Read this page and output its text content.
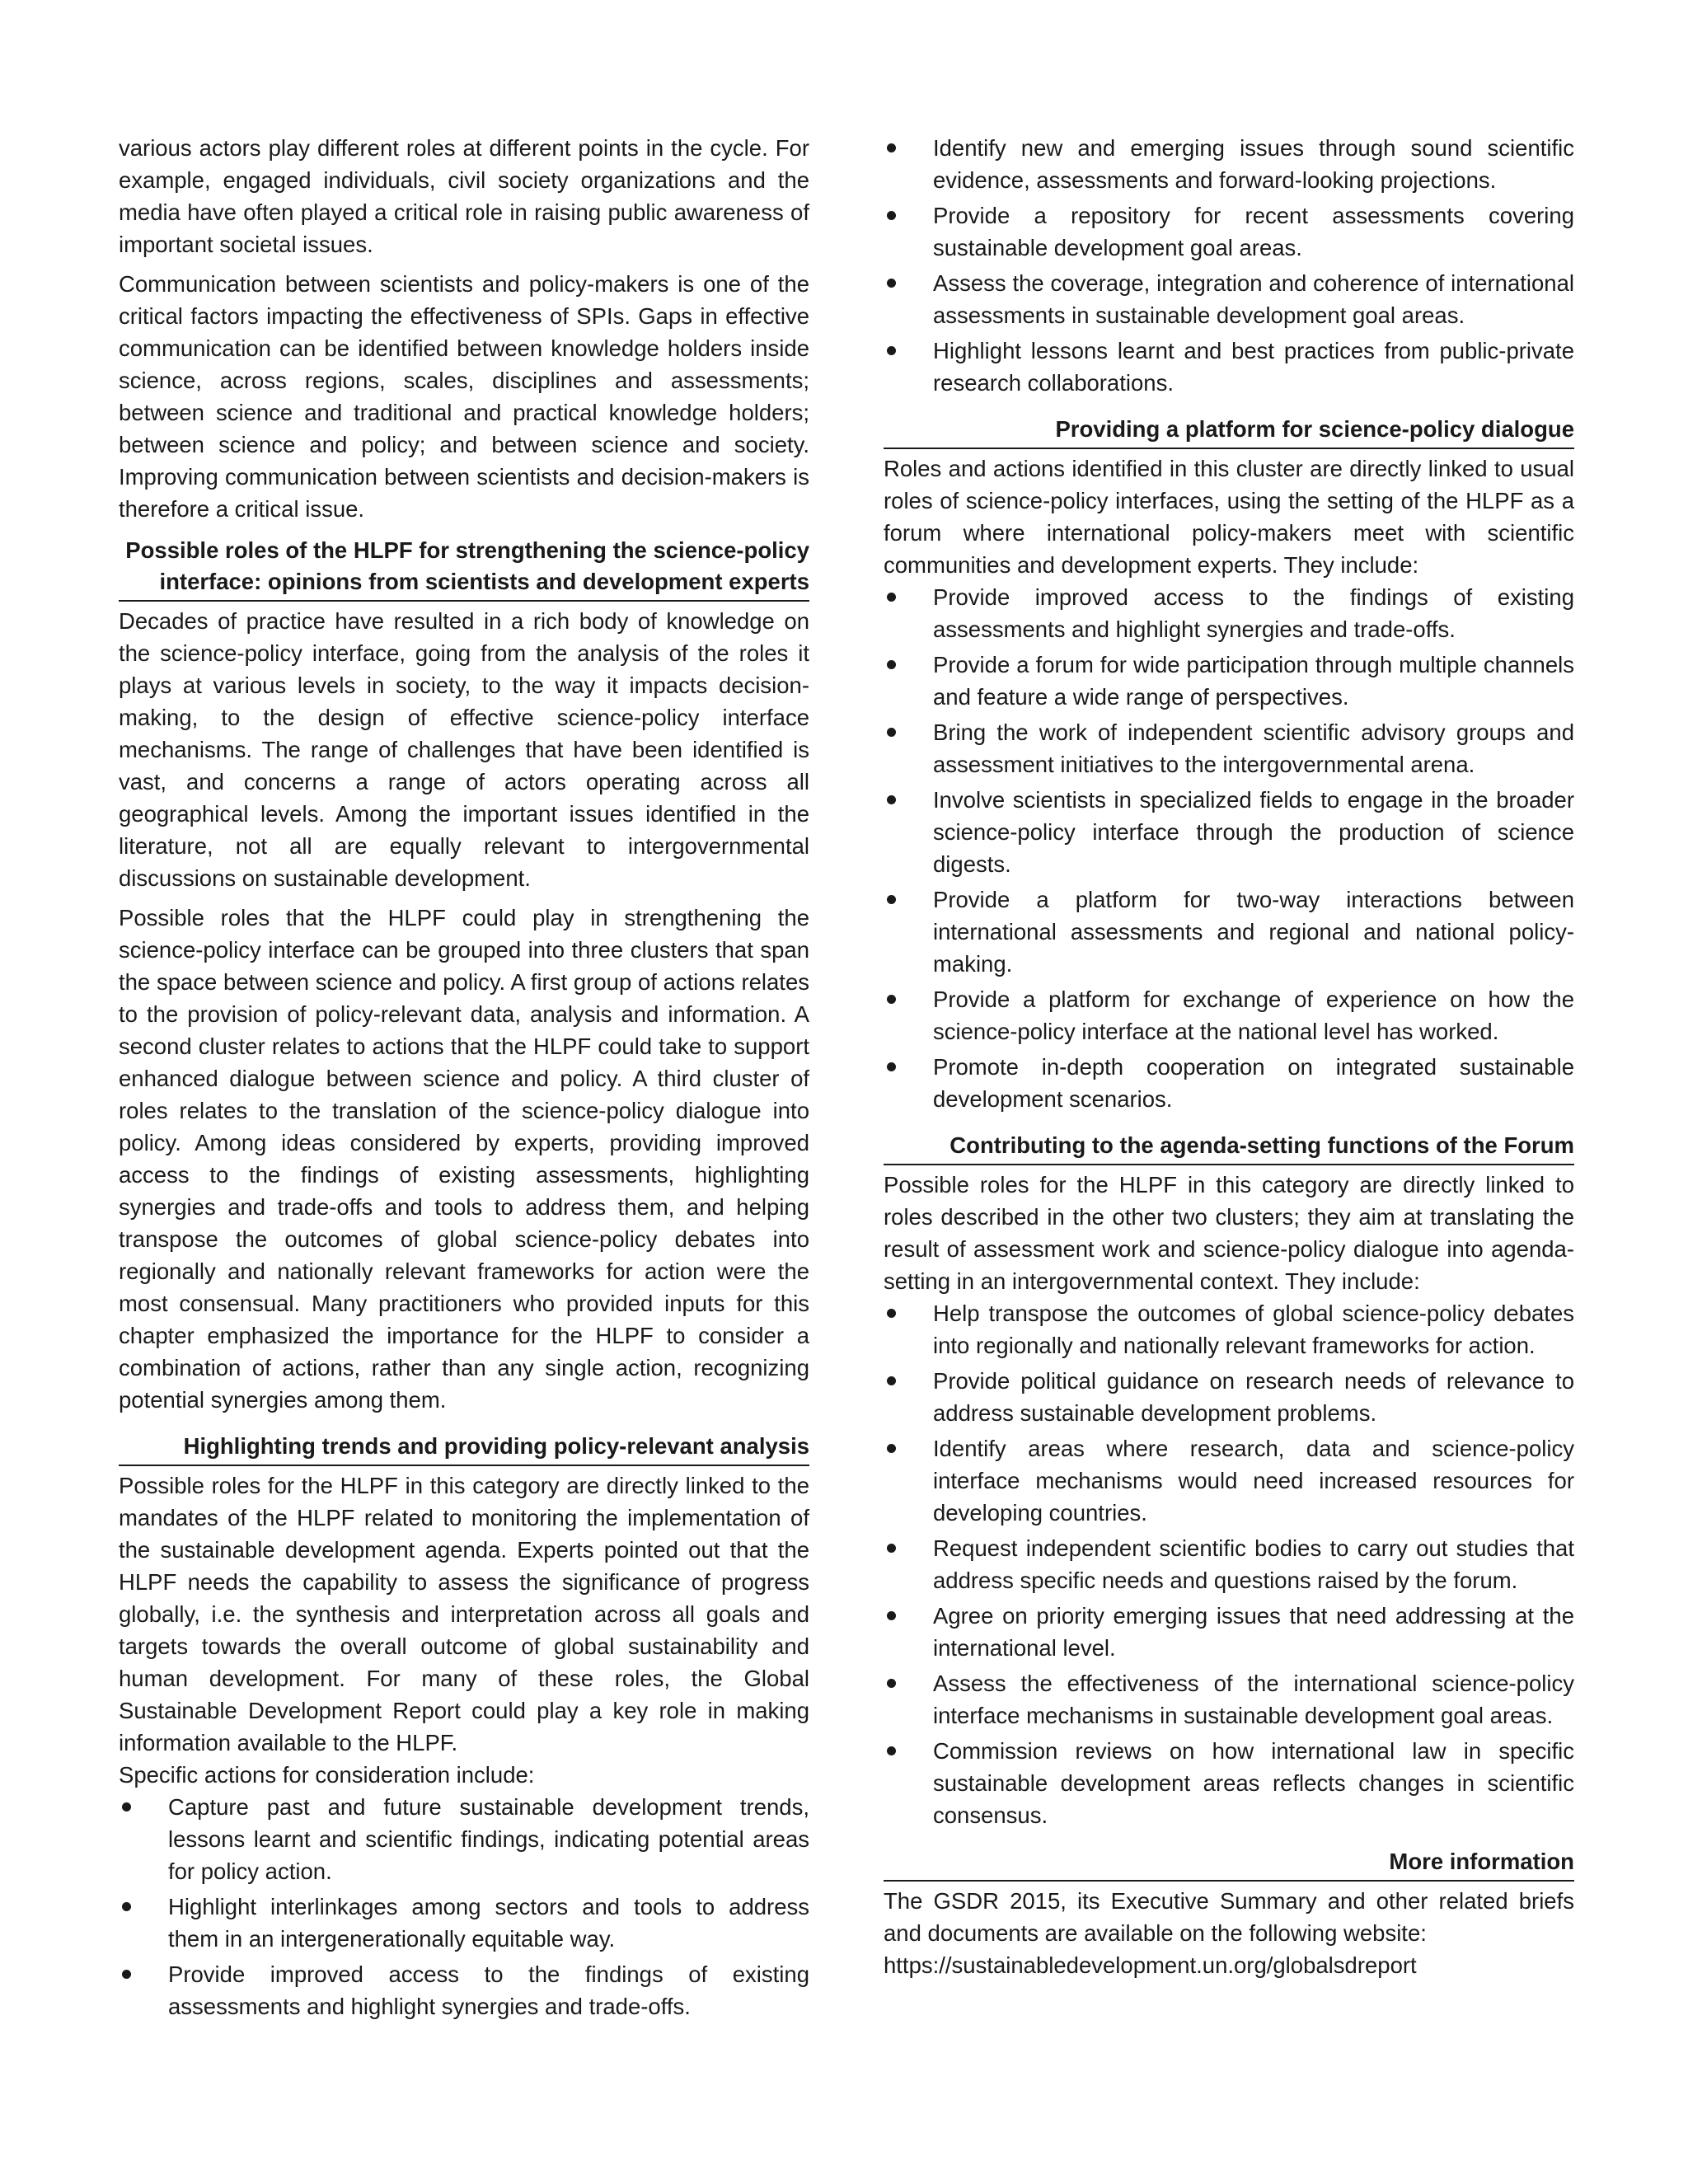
various actors play different roles at different points in the cycle. For example, engaged individuals, civil society organizations and the media have often played a critical role in raising public awareness of important societal issues.

Communication between scientists and policy-makers is one of the critical factors impacting the effectiveness of SPIs. Gaps in effective communication can be identified between knowledge holders inside science, across regions, scales, disciplines and assessments; between science and traditional and practical knowledge holders; between science and policy; and between science and society. Improving communication between scientists and decision-makers is therefore a critical issue.

Possible roles of the HLPF for strengthening the science-policy
interface: opinions from scientists and development experts

Decades of practice have resulted in a rich body of knowledge on the science-policy interface, going from the analysis of the roles it plays at various levels in society, to the way it impacts decision-making, to the design of effective science-policy interface mechanisms. The range of challenges that have been identified is vast, and concerns a range of actors operating across all geographical levels. Among the important issues identified in the literature, not all are equally relevant to intergovernmental discussions on sustainable development.

Possible roles that the HLPF could play in strengthening the science-policy interface can be grouped into three clusters that span the space between science and policy. A first group of actions relates to the provision of policy-relevant data, analysis and information. A second cluster relates to actions that the HLPF could take to support enhanced dialogue between science and policy. A third cluster of roles relates to the translation of the science-policy dialogue into policy. Among ideas considered by experts, providing improved access to the findings of existing assessments, highlighting synergies and trade-offs and tools to address them, and helping transpose the outcomes of global science-policy debates into regionally and nationally relevant frameworks for action were the most consensual. Many practitioners who provided inputs for this chapter emphasized the importance for the HLPF to consider a combination of actions, rather than any single action, recognizing potential synergies among them.

Highlighting trends and providing policy-relevant analysis

Possible roles for the HLPF in this category are directly linked to the mandates of the HLPF related to monitoring the implementation of the sustainable development agenda. Experts pointed out that the HLPF needs the capability to assess the significance of progress globally, i.e. the synthesis and interpretation across all goals and targets towards the overall outcome of global sustainability and human development. For many of these roles, the Global Sustainable Development Report could play a key role in making information available to the HLPF.

Specific actions for consideration include:

Capture past and future sustainable development trends, lessons learnt and scientific findings, indicating potential areas for policy action.
Highlight interlinkages among sectors and tools to address them in an intergenerationally equitable way.
Provide improved access to the findings of existing assessments and highlight synergies and trade-offs.
Identify new and emerging issues through sound scientific evidence, assessments and forward-looking projections.
Provide a repository for recent assessments covering sustainable development goal areas.
Assess the coverage, integration and coherence of international assessments in sustainable development goal areas.
Highlight lessons learnt and best practices from public-private research collaborations.
Providing a platform for science-policy dialogue

Roles and actions identified in this cluster are directly linked to usual roles of science-policy interfaces, using the setting of the HLPF as a forum where international policy-makers meet with scientific communities and development experts. They include:

Provide improved access to the findings of existing assessments and highlight synergies and trade-offs.
Provide a forum for wide participation through multiple channels and feature a wide range of perspectives.
Bring the work of independent scientific advisory groups and assessment initiatives to the intergovernmental arena.
Involve scientists in specialized fields to engage in the broader science-policy interface through the production of science digests.
Provide a platform for two-way interactions between international assessments and regional and national policy-making.
Provide a platform for exchange of experience on how the science-policy interface at the national level has worked.
Promote in-depth cooperation on integrated sustainable development scenarios.
Contributing to the agenda-setting functions of the Forum

Possible roles for the HLPF in this category are directly linked to roles described in the other two clusters; they aim at translating the result of assessment work and science-policy dialogue into agenda-setting in an intergovernmental context. They include:

Help transpose the outcomes of global science-policy debates into regionally and nationally relevant frameworks for action.
Provide political guidance on research needs of relevance to address sustainable development problems.
Identify areas where research, data and science-policy interface mechanisms would need increased resources for developing countries.
Request independent scientific bodies to carry out studies that address specific needs and questions raised by the forum.
Agree on priority emerging issues that need addressing at the international level.
Assess the effectiveness of the international science-policy interface mechanisms in sustainable development goal areas.
Commission reviews on how international law in specific sustainable development areas reflects changes in scientific consensus.
More information

The GSDR 2015, its Executive Summary and other related briefs and documents are available on the following website:

https://sustainabledevelopment.un.org/globalsdreport
